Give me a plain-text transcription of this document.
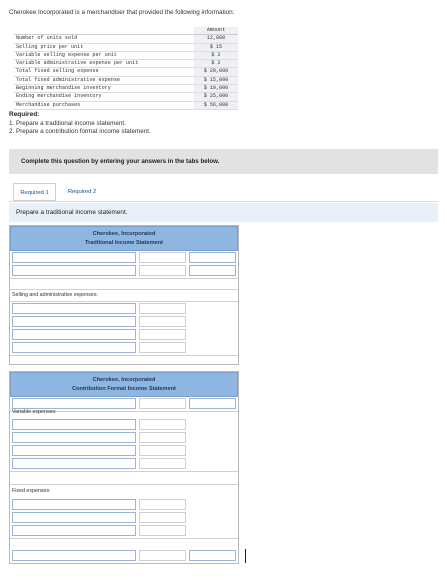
Cherokee Incorporated is a merchandiser that provided the following information:
	Amount
Number of units sold	12,000
Selling price per unit	$ 15
Variable selling expense per unit	$ 2
Variable administrative expense per unit	$ 2
Total fixed selling expense	$ 20,000
Total fixed administrative expense	$ 15,000
Beginning merchandise inventory	$ 10,000
Ending merchandise inventory	$ 25,000
Merchandise purchases	$ 56,000
Required:
1. Prepare a traditional income statement.
2. Prepare a contribution format income statement.
Complete this question by entering your answers in the tabs below.
Required 1	Required 2
Prepare a traditional income statement.
Cherokee, Incorporated
Traditional Income Statement
Selling and administrative expenses:
Cherokee, Incorporated
Contribution Format Income Statement
Variable expenses:
Fixed expenses:
